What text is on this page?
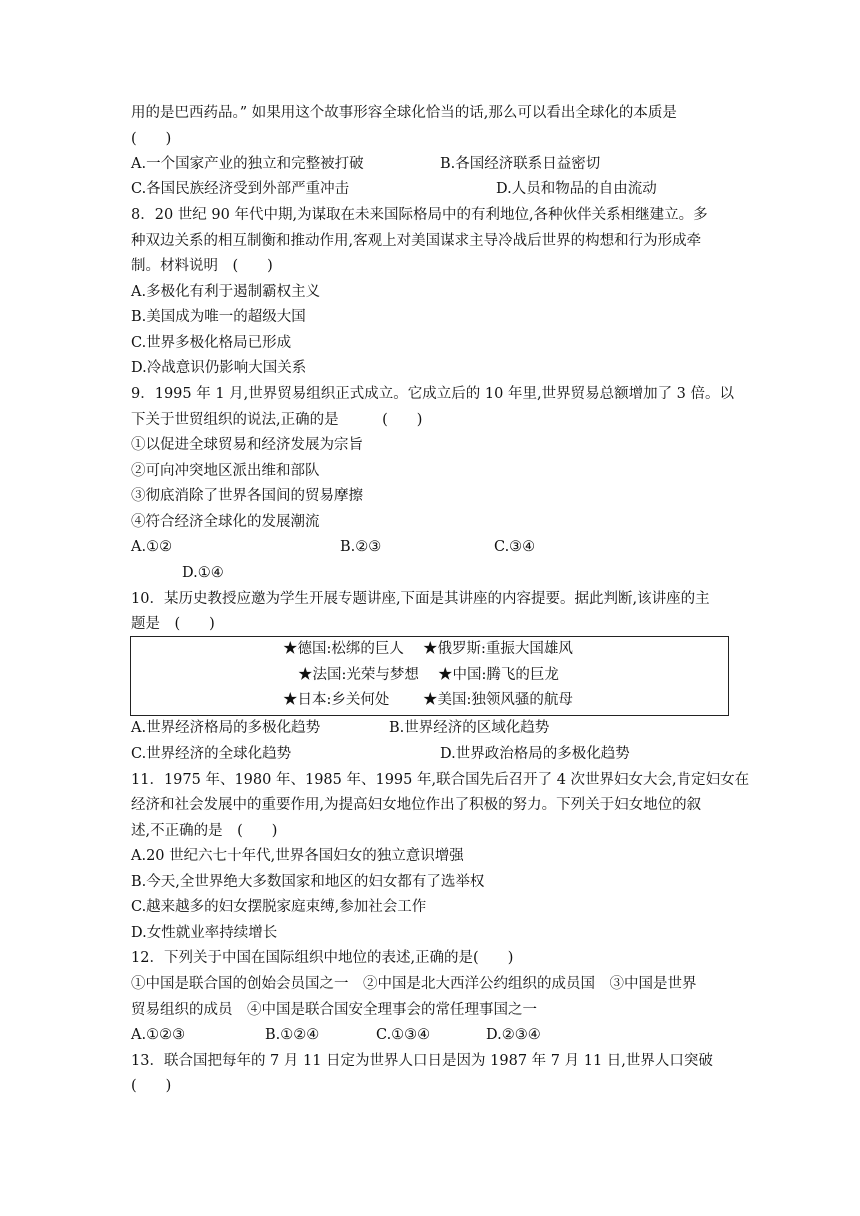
用的是巴西药品。” 如果用这个故事形容全球化恰当的话,那么可以看出全球化的本质是
(　　)
A.一个国家产业的独立和完整被打破	B.各国经济联系日益密切
C.各国民族经济受到外部严重冲击	D.人员和物品的自由流动
8．20 世纪 90 年代中期,为谋取在未来国际格局中的有利地位,各种伙伴关系相继建立。多
种双边关系的相互制衡和推动作用,客观上对美国谋求主导冷战后世界的构想和行为形成牵
制。材料说明　(　　)
A.多极化有利于遏制霸权主义
B.美国成为唯一的超级大国
C.世界多极化格局已形成
D.冷战意识仍影响大国关系
9．1995 年 1 月,世界贸易组织正式成立。它成立后的 10 年里,世界贸易总额增加了 3 倍。以
下关于世贸组织的说法,正确的是　　　(　　)
①以促进全球贸易和经济发展为宗旨
②可向冲突地区派出维和部队
③彻底消除了世界各国间的贸易摩擦
④符合经济全球化的发展潮流
A.①②	B.②③	C.③④
D.①④
10．某历史教授应邀为学生开展专题讲座,下面是其讲座的内容提要。据此判断,该讲座的主
题是　(　　)
★德国:松绑的巨人 ★俄罗斯:重振大国雄风
★法国:光荣与梦想 ★中国:腾飞的巨龙
★日本:乡关何处 ★美国:独领风骚的航母
A.世界经济格局的多极化趋势	B.世界经济的区域化趋势
C.世界经济的全球化趋势	D.世界政治格局的多极化趋势
11．1975 年、1980 年、1985 年、1995 年,联合国先后召开了 4 次世界妇女大会,肯定妇女在
经济和社会发展中的重要作用,为提高妇女地位作出了积极的努力。下列关于妇女地位的叙
述,不正确的是　(　　)
A.20 世纪六七十年代,世界各国妇女的独立意识增强
B.今天,全世界绝大多数国家和地区的妇女都有了选举权
C.越来越多的妇女摆脱家庭束缚,参加社会工作
D.女性就业率持续增长
12．下列关于中国在国际组织中地位的表述,正确的是(　　)
①中国是联合国的创始会员国之一　②中国是北大西洋公约组织的成员国　③中国是世界
贸易组织的成员　④中国是联合国安全理事会的常任理事国之一
A.①②③	B.①②④	C.①③④	D.②③④
13．联合国把每年的 7 月 11 日定为世界人口日是因为 1987 年 7 月 11 日,世界人口突破
(　　)
